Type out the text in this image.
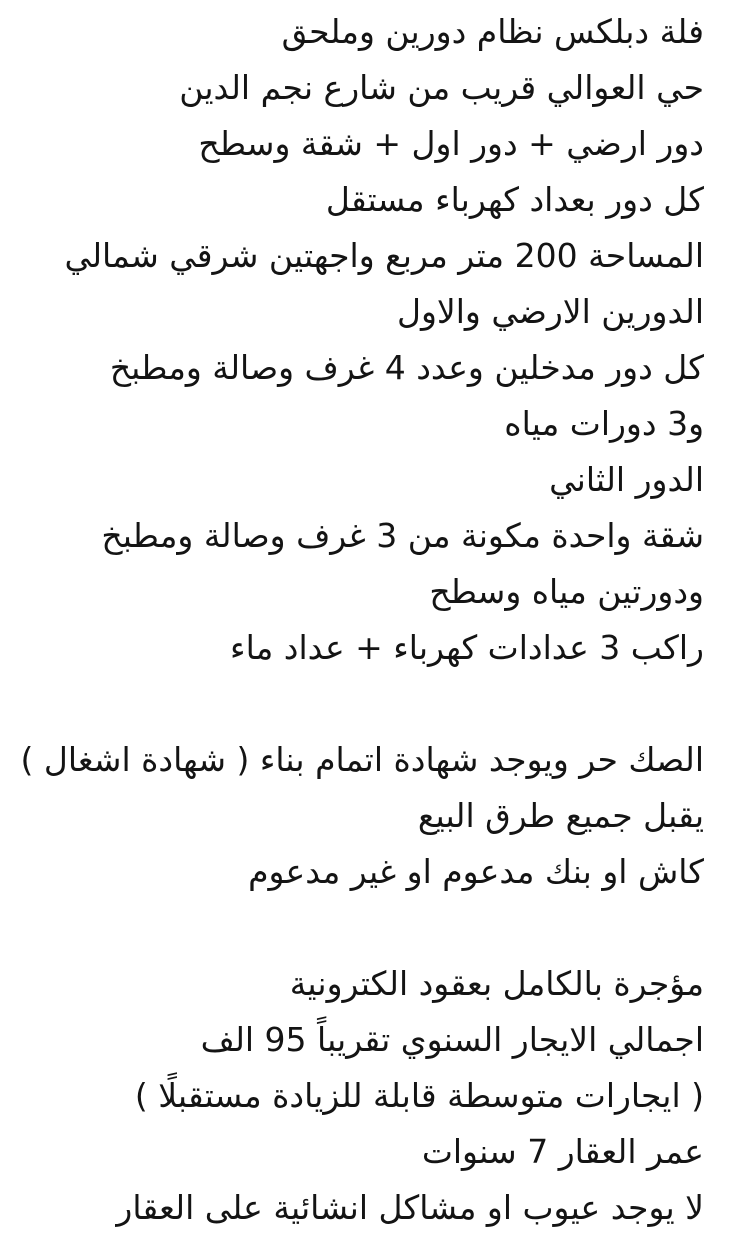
فلة دبلكس نظام دورين وملحق
حي العوالي قريب من شارع نجم الدين
دور ارضي + دور اول + شقة وسطح
كل دور بعداد كهرباء مستقل
المساحة 200 متر مربع واجهتين شرقي شمالي
الدورين الارضي والاول
كل دور مدخلين وعدد 4 غرف وصالة ومطبخ
و3 دورات مياه
الدور الثاني
شقة واحدة مكونة من 3 غرف وصالة ومطبخ
ودورتين مياه وسطح
راكب 3 عدادات كهرباء + عداد ماء
الصك حر ويوجد شهادة اتمام بناء ( شهادة اشغال )
يقبل جميع طرق البيع
كاش او بنك مدعوم او غير مدعوم
مؤجرة بالكامل بعقود الكترونية
اجمالي الايجار السنوي تقريباً 95 الف
( ايجارات متوسطة قابلة للزيادة مستقبلًا )
عمر العقار 7 سنوات
لا يوجد عيوب او مشاكل انشائية على العقار
